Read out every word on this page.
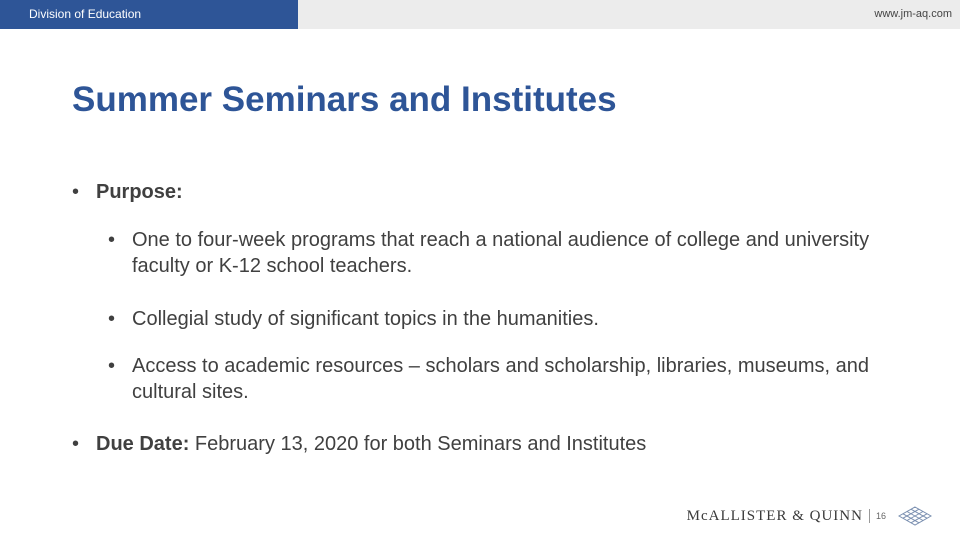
Division of Education	www.jm-aq.com
Summer Seminars and Institutes
• Purpose:
• One to four-week programs that reach a national audience of college and university faculty or K-12 school teachers.
• Collegial study of significant topics in the humanities.
• Access to academic resources – scholars and scholarship, libraries, museums, and cultural sites.
• Due Date: February 13, 2020 for both Seminars and Institutes
McALLISTER & QUINN 16
